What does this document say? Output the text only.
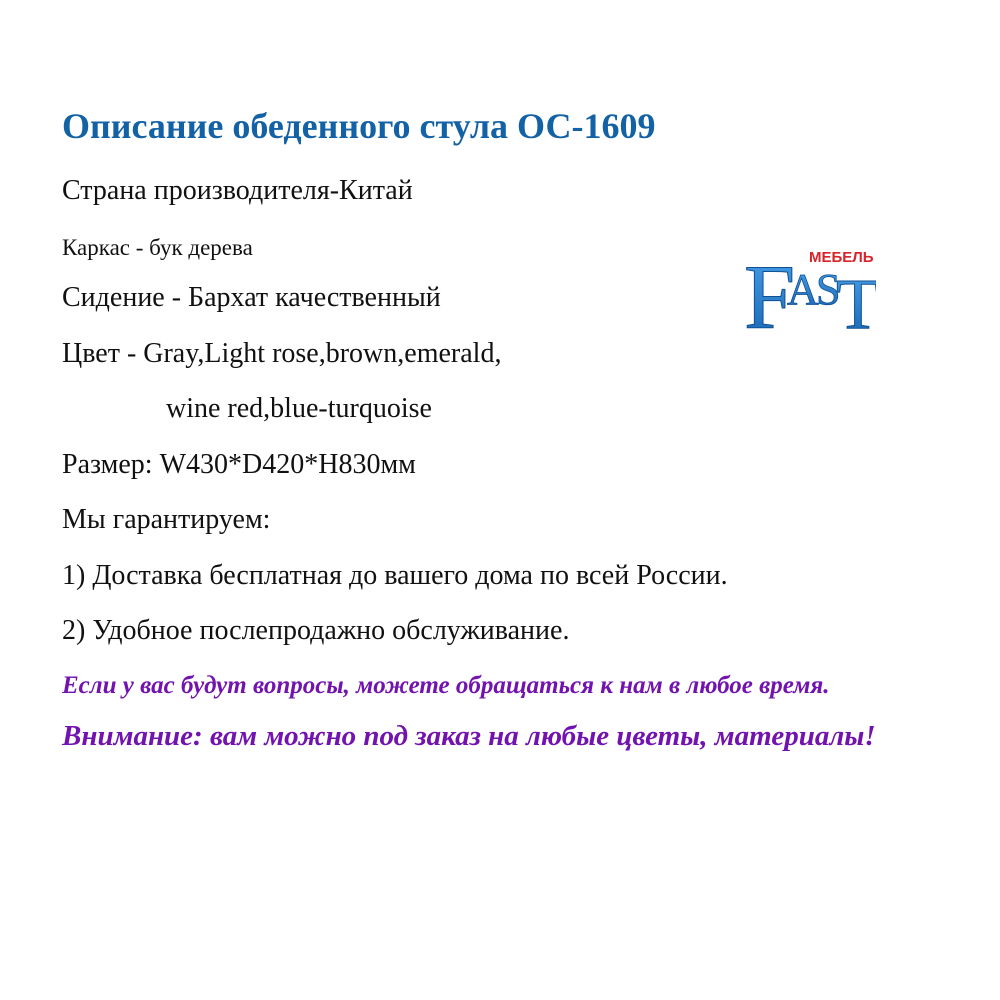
Описание обеденного стула ОС-1609

Страна производителя-Китай

Каркас - бук дерева

Сидение - Бархат качественный

Цвет - Gray,Light rose,brown,emerald,

wine red,blue-turquoise

Размер: W430*D420*H830мм

Мы гарантируем:

1) Доставка бесплатная до вашего дома по всей России.

2) Удобное послепродажно обслуживание.

Если у вас будут вопросы, можете обращаться к нам в любое время.

Внимание: вам можно под заказ на любые цветы, материалы!

F
A
S
T
МЕБЕЛЬ
